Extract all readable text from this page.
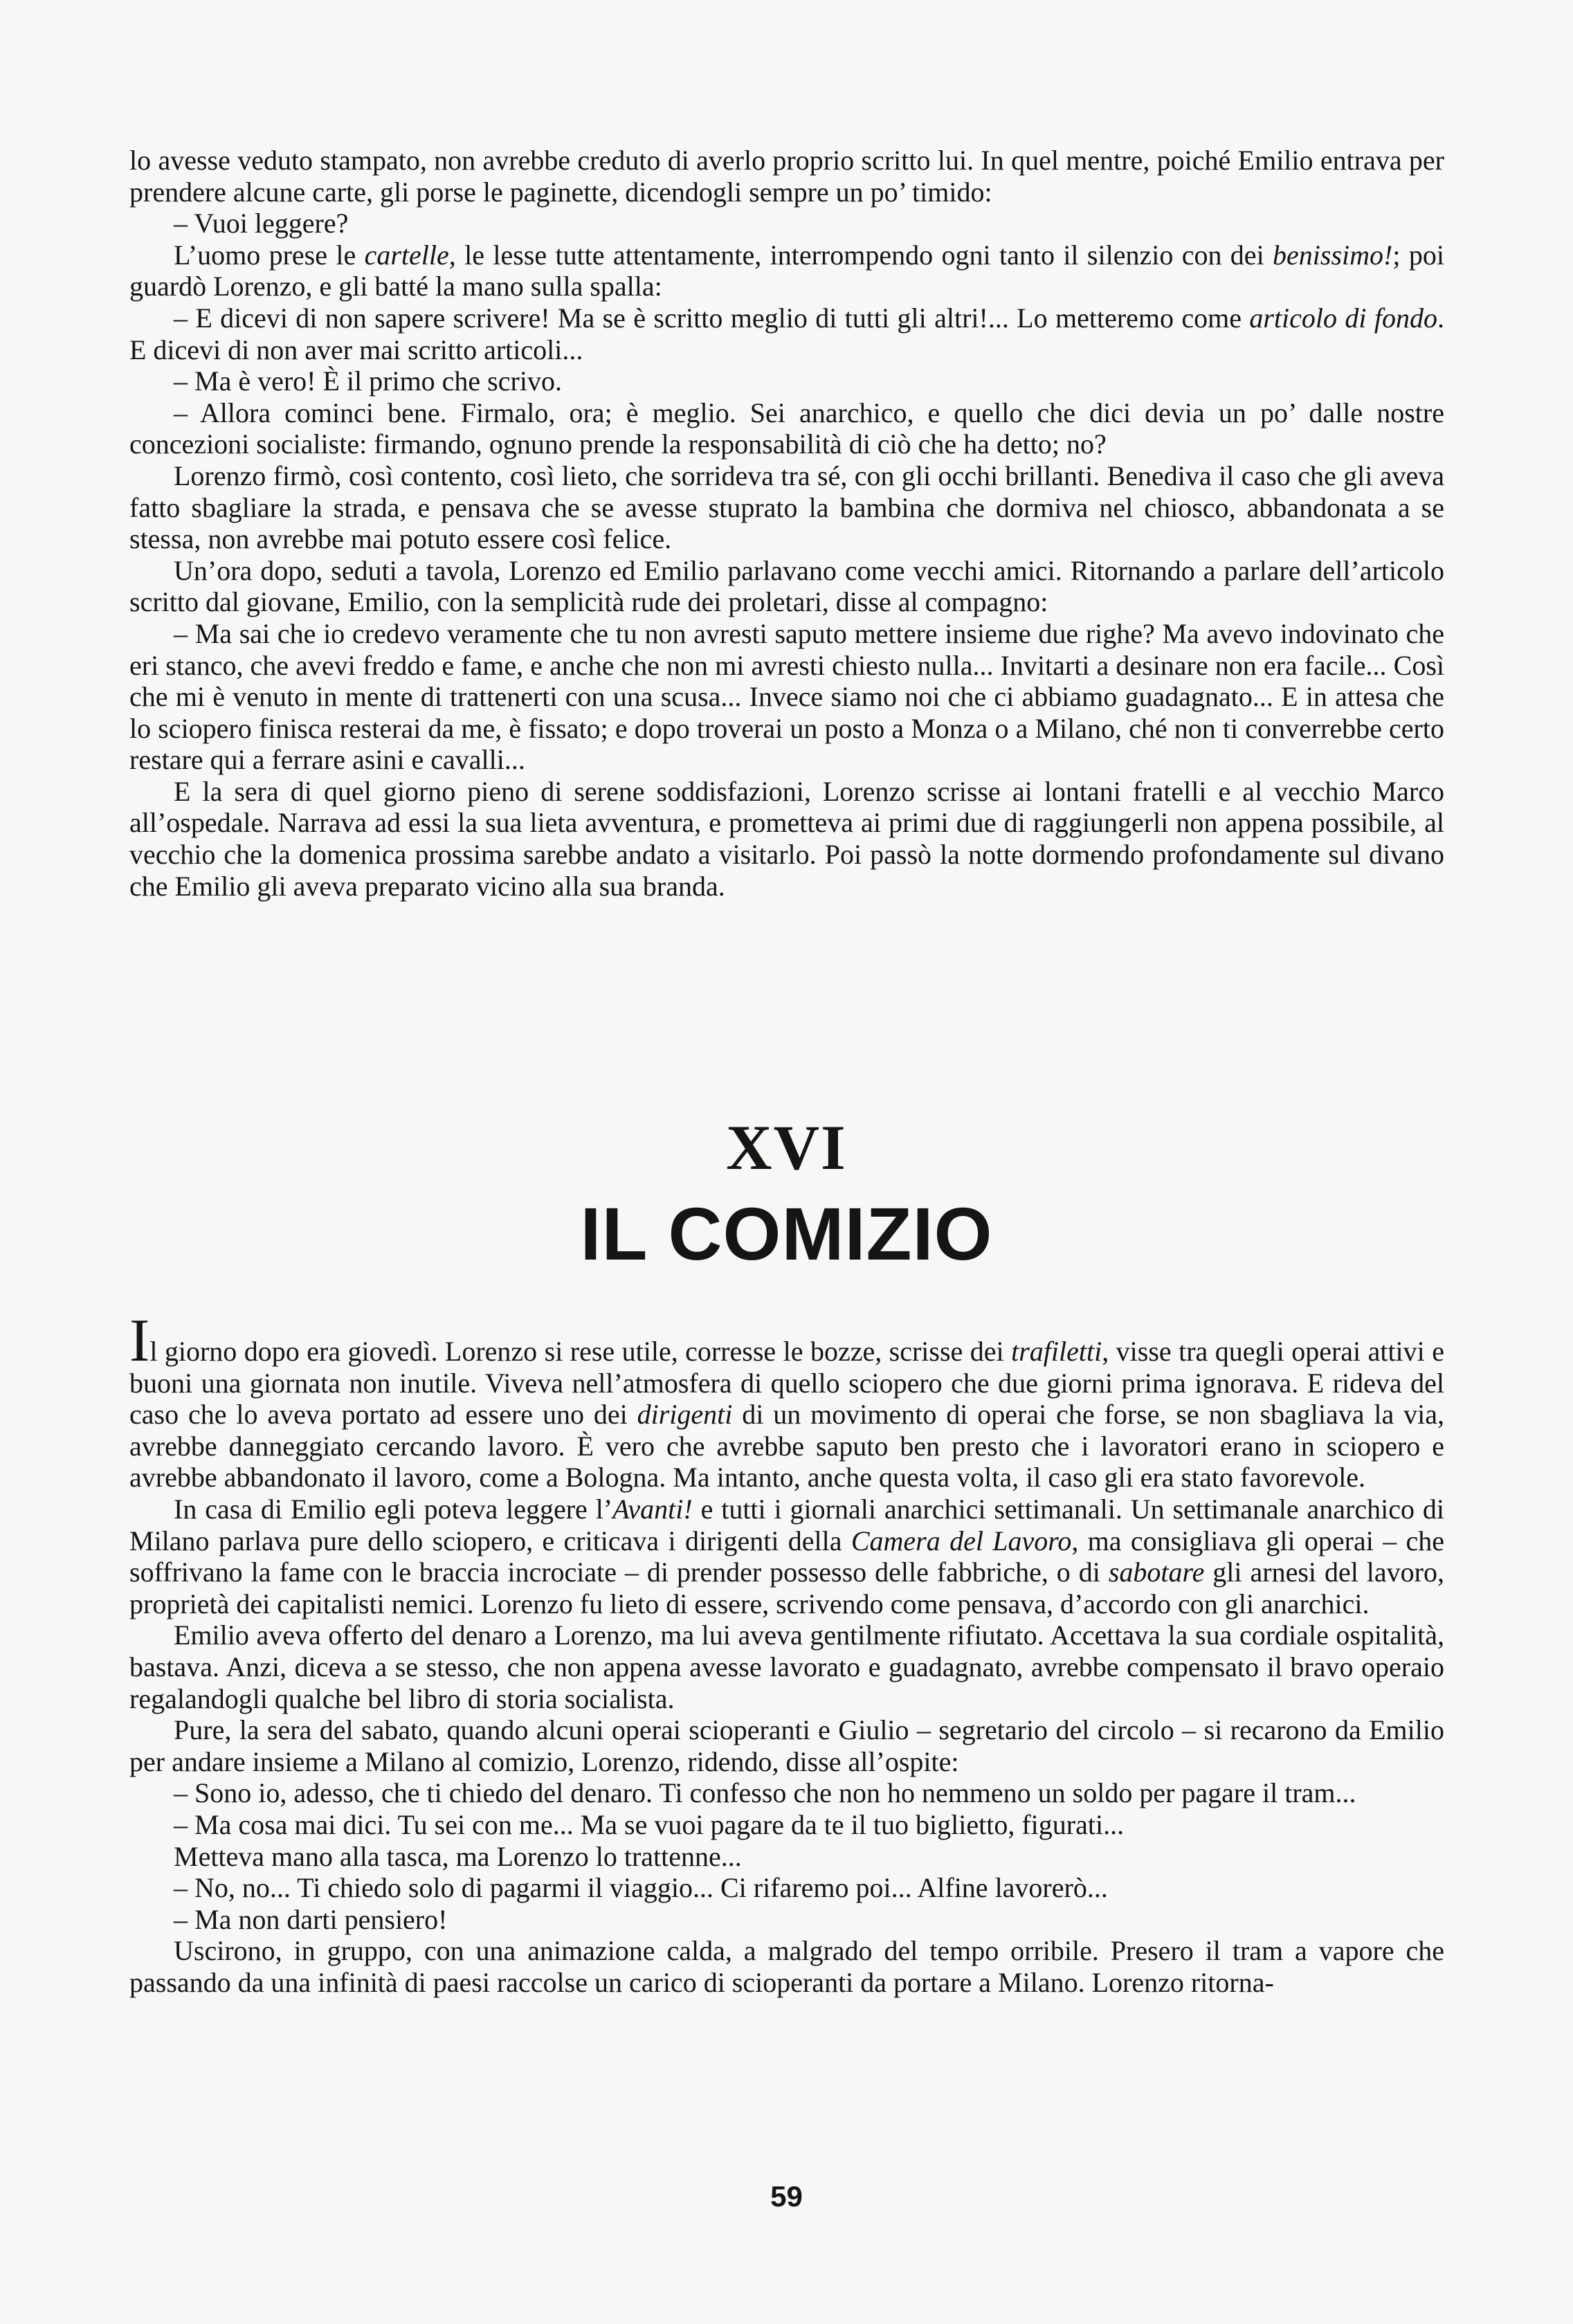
lo avesse veduto stampato, non avrebbe creduto di averlo proprio scritto lui. In quel mentre, poiché Emilio entrava per prendere alcune carte, gli porse le paginette, dicendogli sempre un po’ timido:

– Vuoi leggere?

L’uomo prese le cartelle, le lesse tutte attentamente, interrompendo ogni tanto il silenzio con dei benissimo!; poi guardò Lorenzo, e gli batté la mano sulla spalla:

– E dicevi di non sapere scrivere! Ma se è scritto meglio di tutti gli altri!... Lo metteremo come articolo di fondo. E dicevi di non aver mai scritto articoli...

– Ma è vero! È il primo che scrivo.

– Allora cominci bene. Firmalo, ora; è meglio. Sei anarchico, e quello che dici devia un po’ dalle nostre concezioni socialiste: firmando, ognuno prende la responsabilità di ciò che ha detto; no?

Lorenzo firmò, così contento, così lieto, che sorrideva tra sé, con gli occhi brillanti. Benediva il caso che gli aveva fatto sbagliare la strada, e pensava che se avesse stuprato la bambina che dormiva nel chiosco, abbandonata a se stessa, non avrebbe mai potuto essere così felice.

Un’ora dopo, seduti a tavola, Lorenzo ed Emilio parlavano come vecchi amici. Ritornando a parlare dell’articolo scritto dal giovane, Emilio, con la semplicità rude dei proletari, disse al compagno:

– Ma sai che io credevo veramente che tu non avresti saputo mettere insieme due righe? Ma avevo indovinato che eri stanco, che avevi freddo e fame, e anche che non mi avresti chiesto nulla... Invitarti a desinare non era facile... Così che mi è venuto in mente di trattenerti con una scusa... Invece siamo noi che ci abbiamo guadagnato... E in attesa che lo sciopero finisca resterai da me, è fissato; e dopo troverai un posto a Monza o a Milano, ché non ti converrebbe certo restare qui a ferrare asini e cavalli...

E la sera di quel giorno pieno di serene soddisfazioni, Lorenzo scrisse ai lontani fratelli e al vecchio Marco all’ospedale. Narrava ad essi la sua lieta avventura, e prometteva ai primi due di raggiungerli non appena possibile, al vecchio che la domenica prossima sarebbe andato a visitarlo. Poi passò la notte dormendo profondamente sul divano che Emilio gli aveva preparato vicino alla sua branda.

XVI
IL COMIZIO

Il giorno dopo era giovedì. Lorenzo si rese utile, corresse le bozze, scrisse dei trafiletti, visse tra quegli operai attivi e buoni una giornata non inutile. Viveva nell’atmosfera di quello sciopero che due giorni prima ignorava. E rideva del caso che lo aveva portato ad essere uno dei dirigenti di un movimento di operai che forse, se non sbagliava la via, avrebbe danneggiato cercando lavoro. È vero che avrebbe saputo ben presto che i lavoratori erano in sciopero e avrebbe abbandonato il lavoro, come a Bologna. Ma intanto, anche questa volta, il caso gli era stato favorevole.

In casa di Emilio egli poteva leggere l’Avanti! e tutti i giornali anarchici settimanali. Un settimanale anarchico di Milano parlava pure dello sciopero, e criticava i dirigenti della Camera del Lavoro, ma consigliava gli operai – che soffrivano la fame con le braccia incrociate – di prender possesso delle fabbriche, o di sabotare gli arnesi del lavoro, proprietà dei capitalisti nemici. Lorenzo fu lieto di essere, scrivendo come pensava, d’accordo con gli anarchici.

Emilio aveva offerto del denaro a Lorenzo, ma lui aveva gentilmente rifiutato. Accettava la sua cordiale ospitalità, bastava. Anzi, diceva a se stesso, che non appena avesse lavorato e guadagnato, avrebbe compensato il bravo operaio regalandogli qualche bel libro di storia socialista.

Pure, la sera del sabato, quando alcuni operai scioperanti e Giulio – segretario del circolo – si recarono da Emilio per andare insieme a Milano al comizio, Lorenzo, ridendo, disse all’ospite:

– Sono io, adesso, che ti chiedo del denaro. Ti confesso che non ho nemmeno un soldo per pagare il tram...

– Ma cosa mai dici. Tu sei con me... Ma se vuoi pagare da te il tuo biglietto, figurati...

Metteva mano alla tasca, ma Lorenzo lo trattenne...

– No, no... Ti chiedo solo di pagarmi il viaggio... Ci rifaremo poi... Alfine lavorerò...

– Ma non darti pensiero!

Uscirono, in gruppo, con una animazione calda, a malgrado del tempo orribile. Presero il tram a vapore che passando da una infinità di paesi raccolse un carico di scioperanti da portare a Milano. Lorenzo ritorna-

59
